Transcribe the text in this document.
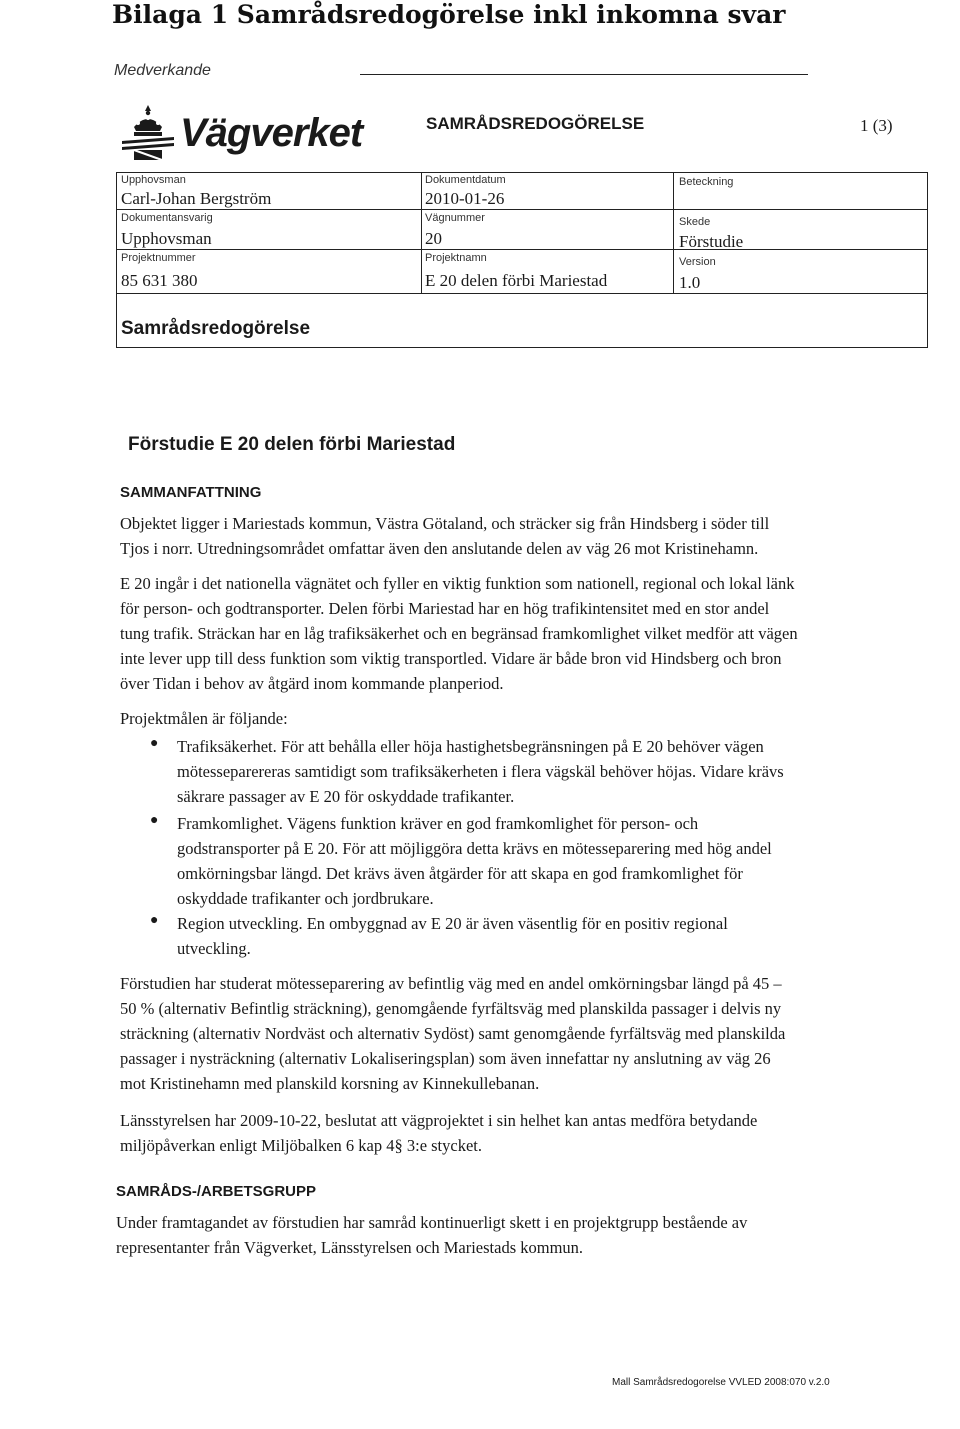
Bilaga 1 Samrådsredogörelse inkl inkomna svar
Medverkande
Vägverket	SAMRÅDSREDOGÖRELSE	1 (3)
Upphovsman
Carl-Johan Bergström
Dokumentdatum
2010-01-26
Beteckning
Dokumentansvarig
Upphovsman
Vägnummer
20
Skede
Förstudie
Projektnummer
85 631 380
Projektnamn
E 20 delen förbi Mariestad
Version
1.0
Samrådsredogörelse
Förstudie E 20 delen förbi Mariestad
SAMMANFATTNING
Objektet ligger i Mariestads kommun, Västra Götaland, och sträcker sig från Hindsberg i söder till
Tjos i norr. Utredningsområdet omfattar även den anslutande delen av väg 26 mot Kristinehamn.
E 20 ingår i det nationella vägnätet och fyller en viktig funktion som nationell, regional och lokal länk
för person- och godtransporter. Delen förbi Mariestad har en hög trafikintensitet med en stor andel
tung trafik. Sträckan har en låg trafiksäkerhet och en begränsad framkomlighet vilket medför att vägen
inte lever upp till dess funktion som viktig transportled. Vidare är både bron vid Hindsberg och bron
över Tidan i behov av åtgärd inom kommande planperiod.
Projektmålen är följande:
● Trafiksäkerhet. För att behålla eller höja hastighetsbegränsningen på E 20 behöver vägen
mötesseparereras samtidigt som trafiksäkerheten i flera vägskäl behöver höjas. Vidare krävs
säkrare passager av E 20 för oskyddade trafikanter.
● Framkomlighet. Vägens funktion kräver en god framkomlighet för person- och
godstransporter på E 20. För att möjliggöra detta krävs en mötesseparering med hög andel
omkörningsbar längd. Det krävs även åtgärder för att skapa en god framkomlighet för
oskyddade trafikanter och jordbrukare.
● Region utveckling. En ombyggnad av E 20 är även väsentlig för en positiv regional
utveckling.
Förstudien har studerat mötesseparering av befintlig väg med en andel omkörningsbar längd på 45 –
50 % (alternativ Befintlig sträckning), genomgående fyrfältsväg med planskilda passager i delvis ny
sträckning (alternativ Nordväst och alternativ Sydöst) samt genomgående fyrfältsväg med planskilda
passager i nysträckning (alternativ Lokaliseringsplan) som även innefattar ny anslutning av väg 26
mot Kristinehamn med planskild korsning av Kinnekullebanan.
Länsstyrelsen har 2009-10-22, beslutat att vägprojektet i sin helhet kan antas medföra betydande
miljöpåverkan enligt Miljöbalken 6 kap 4§ 3:e stycket.
SAMRÅDS-/ARBETSGRUPP
Under framtagandet av förstudien har samråd kontinuerligt skett i en projektgrupp bestående av
representanter från Vägverket, Länsstyrelsen och Mariestads kommun.
Mall Samrådsredogorelse VVLED 2008:070 v.2.0
